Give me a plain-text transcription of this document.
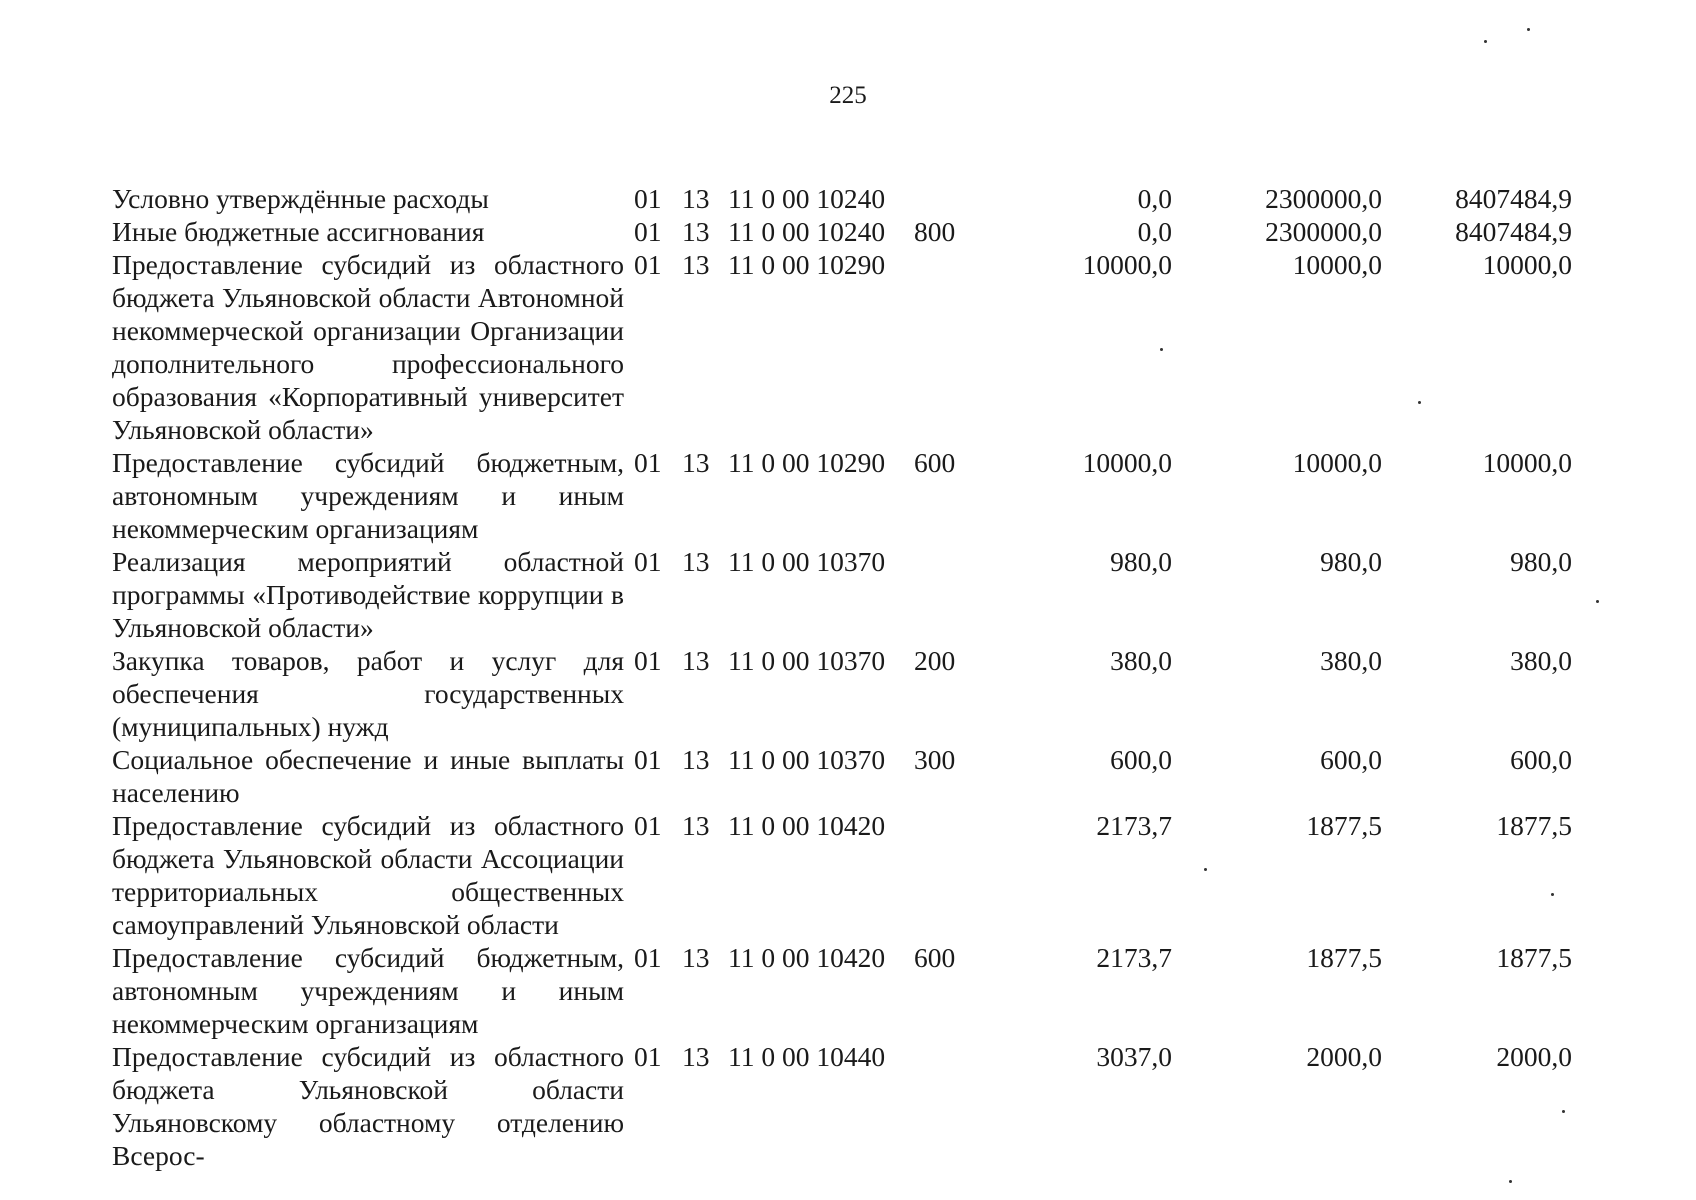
225
Условно утверждённые расходы	01	13	11 0 00 10240		0,0	2300000,0	8407484,9
Иные бюджетные ассигнования	01	13	11 0 00 10240	800	0,0	2300000,0	8407484,9
Предоставление субсидий из областного бюджета Ульяновской области Автономной некоммерческой организации Организации дополнительного профессионального образования «Корпоративный университет Ульяновской области»	01	13	11 0 00 10290		10000,0	10000,0	10000,0
Предоставление субсидий бюджетным, автономным учреждениям и иным некоммерческим организациям	01	13	11 0 00 10290	600	10000,0	10000,0	10000,0
Реализация мероприятий областной программы «Противодействие коррупции в Ульяновской области»	01	13	11 0 00 10370		980,0	980,0	980,0
Закупка товаров, работ и услуг для обеспечения государственных (муниципальных) нужд	01	13	11 0 00 10370	200	380,0	380,0	380,0
Социальное обеспечение и иные выплаты населению	01	13	11 0 00 10370	300	600,0	600,0	600,0
Предоставление субсидий из областного бюджета Ульяновской области Ассоциации территориальных общественных самоуправлений Ульяновской области	01	13	11 0 00 10420		2173,7	1877,5	1877,5
Предоставление субсидий бюджетным, автономным учреждениям и иным некоммерческим организациям	01	13	11 0 00 10420	600	2173,7	1877,5	1877,5
Предоставление субсидий из областного бюджета Ульяновской области Ульяновскому областному отделению Всерос-	01	13	11 0 00 10440		3037,0	2000,0	2000,0
